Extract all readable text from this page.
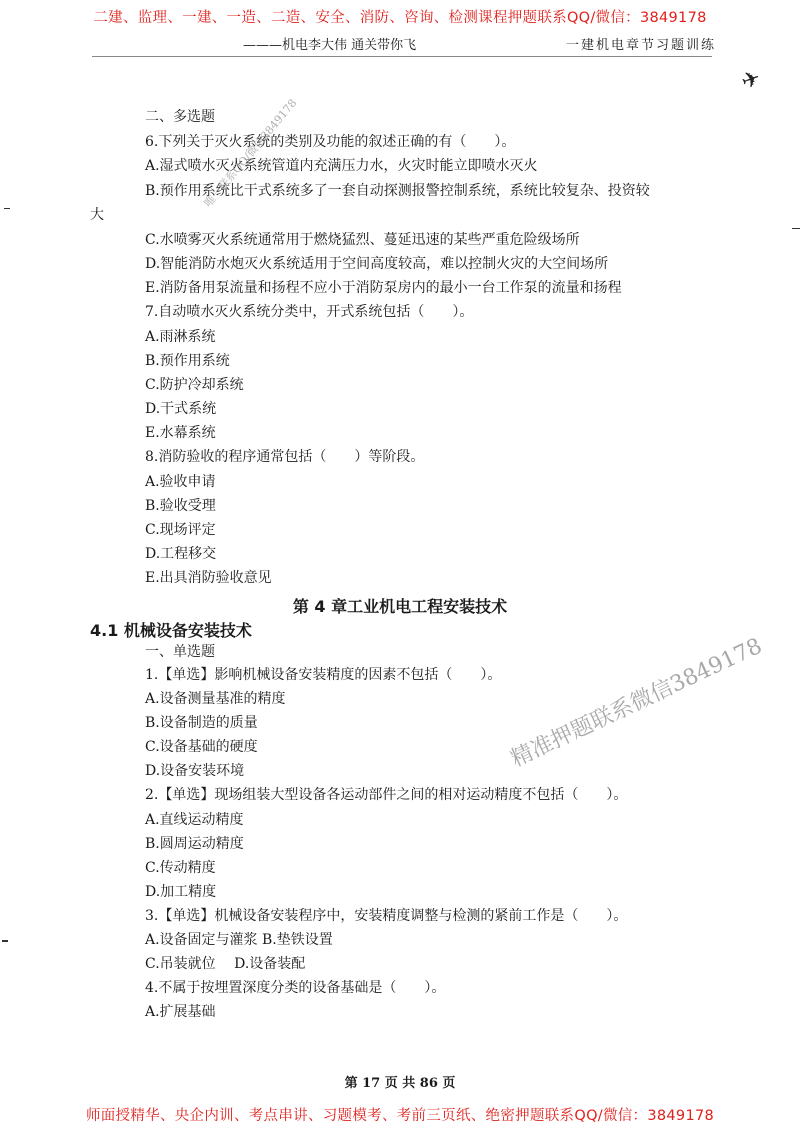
二建、监理、一建、一造、二造、安全、消防、咨询、检测课程押题联系QQ/微信：3849178
———机电李大伟 通关带你飞	一建机电章节习题训练
✈
二、多选题
6.下列关于灭火系统的类别及功能的叙述正确的有（　　）。
A.湿式喷水灭火系统管道内充满压力水，火灾时能立即喷水灭火
B.预作用系统比干式系统多了一套自动探测报警控制系统，系统比较复杂、投资较
大
C.水喷雾灭火系统通常用于燃烧猛烈、蔓延迅速的某些严重危险级场所
D.智能消防水炮灭火系统适用于空间高度较高，难以控制火灾的大空间场所
E.消防备用泵流量和扬程不应小于消防泵房内的最小一台工作泵的流量和扬程
7.自动喷水灭火系统分类中，开式系统包括（　　）。
A.雨淋系统
B.预作用系统
C.防护冷却系统
D.干式系统
E.水幕系统
8.消防验收的程序通常包括（　　）等阶段。
A.验收申请
B.验收受理
C.现场评定
D.工程移交
E.出具消防验收意见
第 4 章工业机电工程安装技术
4.1 机械设备安装技术
一、单选题
1.【单选】影响机械设备安装精度的因素不包括（　　）。
A.设备测量基准的精度
B.设备制造的质量
C.设备基础的硬度
D.设备安装环境
2.【单选】现场组装大型设备各运动部件之间的相对运动精度不包括（　　）。
A.直线运动精度
B.圆周运动精度
C.传动精度
D.加工精度
3.【单选】机械设备安装程序中，安装精度调整与检测的紧前工作是（　　）。
A.设备固定与灌浆 B.垫铁设置
C.吊装就位　 D.设备装配
4.不属于按埋置深度分类的设备基础是（　　）。
A.扩展基础
精准押题联系微信3849178
唯一联系QQ/微信3849178
第 17 页 共 86 页
师面授精华、央企内训、考点串讲、习题模考、考前三页纸、绝密押题联系QQ/微信：3849178
